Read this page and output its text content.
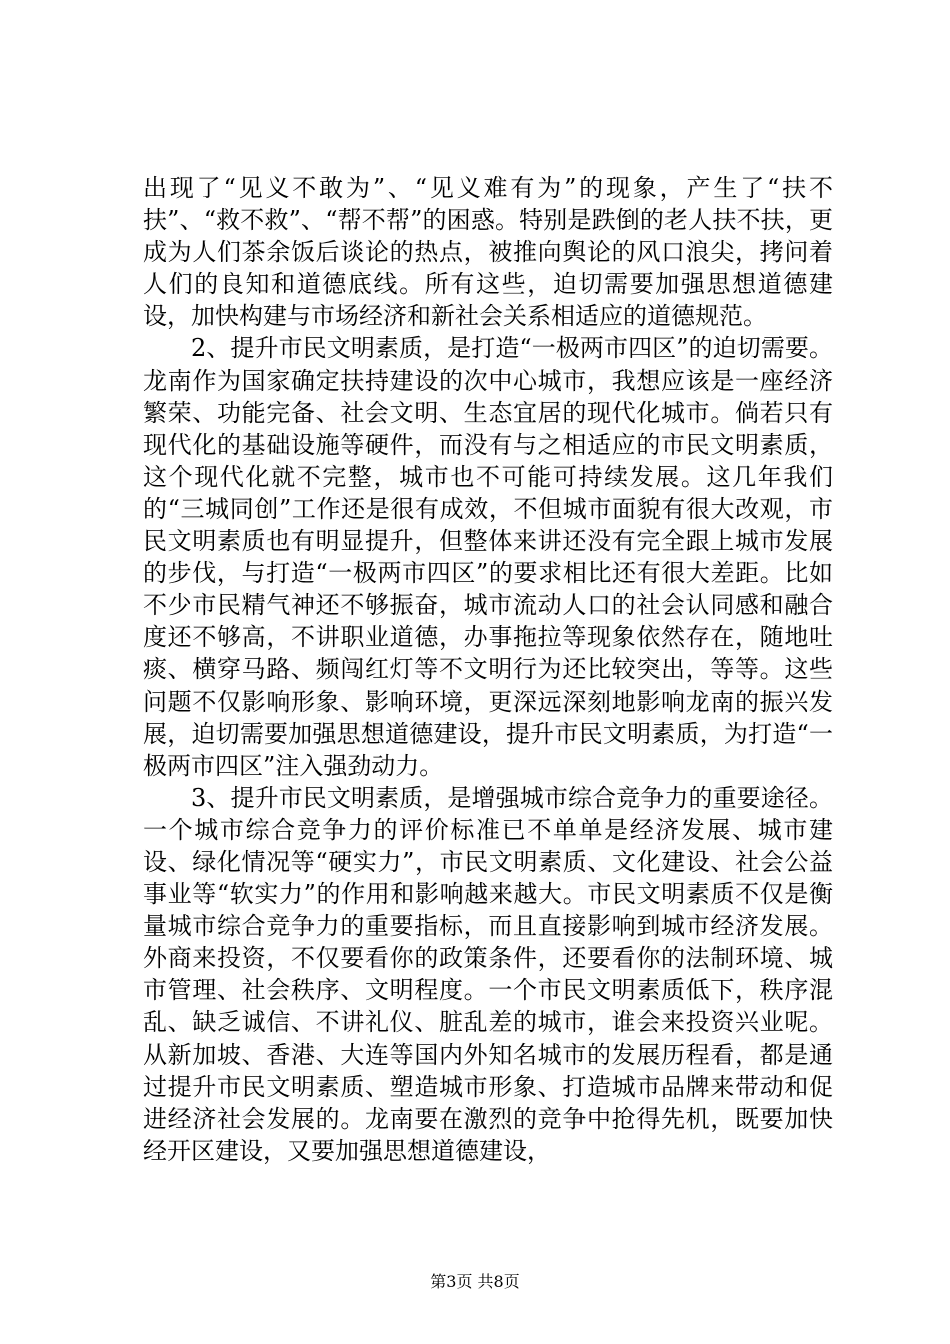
出现了“见义不敢为”、“见义难有为”的现象，产生了“扶不扶”、“救不救”、“帮不帮”的困惑。特别是跌倒的老人扶不扶，更成为人们茶余饭后谈论的热点，被推向舆论的风口浪尖，拷问着人们的良知和道德底线。所有这些，迫切需要加强思想道德建设，加快构建与市场经济和新社会关系相适应的道德规范。

2、提升市民文明素质，是打造“一极两市四区”的迫切需要。龙南作为国家确定扶持建设的次中心城市，我想应该是一座经济繁荣、功能完备、社会文明、生态宜居的现代化城市。倘若只有现代化的基础设施等硬件，而没有与之相适应的市民文明素质，这个现代化就不完整，城市也不可能可持续发展。这几年我们的“三城同创”工作还是很有成效，不但城市面貌有很大改观，市民文明素质也有明显提升，但整体来讲还没有完全跟上城市发展的步伐，与打造“一极两市四区”的要求相比还有很大差距。比如不少市民精气神还不够振奋，城市流动人口的社会认同感和融合度还不够高，不讲职业道德，办事拖拉等现象依然存在，随地吐痰、横穿马路、频闯红灯等不文明行为还比较突出，等等。这些问题不仅影响形象、影响环境，更深远深刻地影响龙南的振兴发展，迫切需要加强思想道德建设，提升市民文明素质，为打造“一极两市四区”注入强劲动力。

3、提升市民文明素质，是增强城市综合竞争力的重要途径。一个城市综合竞争力的评价标准已不单单是经济发展、城市建设、绿化情况等“硬实力”，市民文明素质、文化建设、社会公益事业等“软实力”的作用和影响越来越大。市民文明素质不仅是衡量城市综合竞争力的重要指标，而且直接影响到城市经济发展。外商来投资，不仅要看你的政策条件，还要看你的法制环境、城市管理、社会秩序、文明程度。一个市民文明素质低下，秩序混乱、缺乏诚信、不讲礼仪、脏乱差的城市，谁会来投资兴业呢。从新加坡、香港、大连等国内外知名城市的发展历程看，都是通过提升市民文明素质、塑造城市形象、打造城市品牌来带动和促进经济社会发展的。龙南要在激烈的竞争中抢得先机，既要加快经开区建设，又要加强思想道德建设，

第3页 共8页
